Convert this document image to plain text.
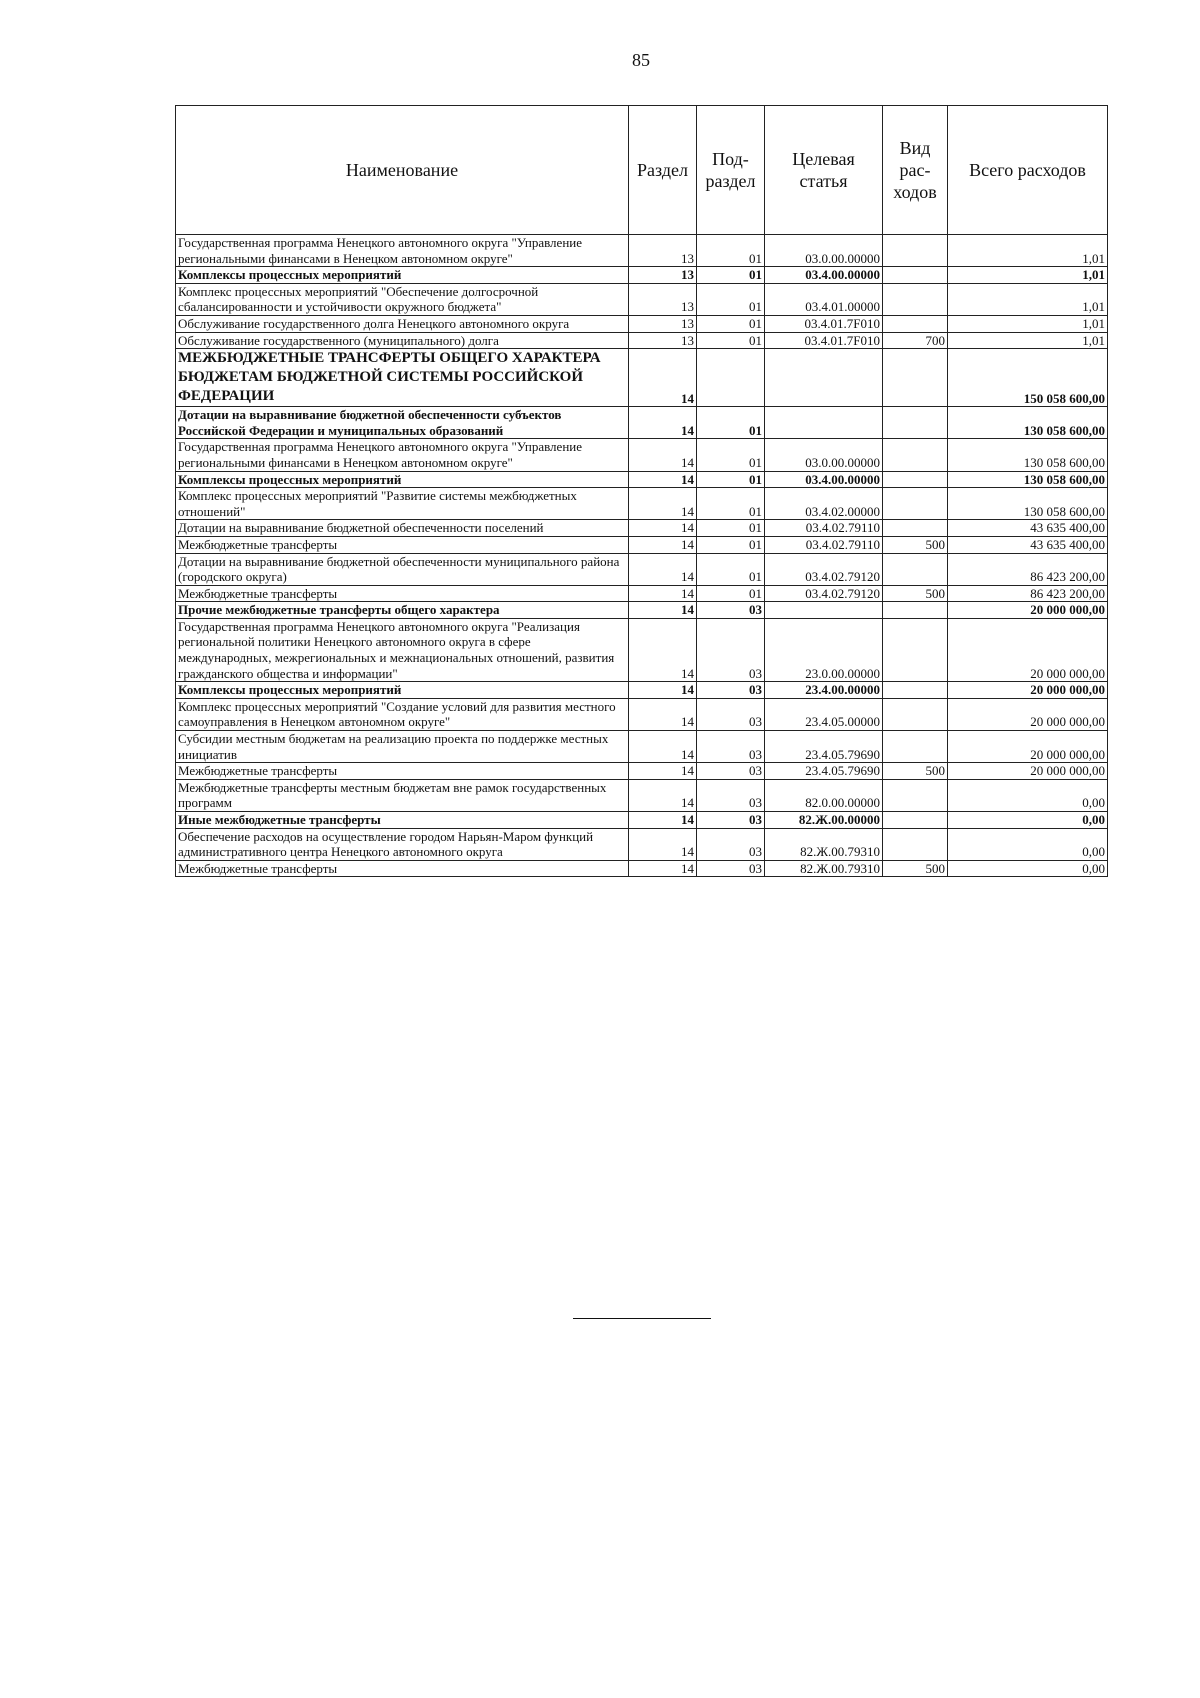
85
Наименование	Раздел	Под-раздел	Целевая статья	Вид рас-ходов	Всего расходов
Государственная программа Ненецкого автономного округа "Управление региональными финансами в Ненецком автономном округе"	13	01	03.0.00.00000		1,01
Комплексы процессных мероприятий	13	01	03.4.00.00000		1,01
Комплекс процессных мероприятий "Обеспечение долгосрочной сбалансированности и устойчивости окружного бюджета"	13	01	03.4.01.00000		1,01
Обслуживание государственного долга Ненецкого автономного округа	13	01	03.4.01.7F010		1,01
Обслуживание государственного (муниципального) долга	13	01	03.4.01.7F010	700	1,01
МЕЖБЮДЖЕТНЫЕ ТРАНСФЕРТЫ ОБЩЕГО ХАРАКТЕРА БЮДЖЕТАМ БЮДЖЕТНОЙ СИСТЕМЫ РОССИЙСКОЙ ФЕДЕРАЦИИ	14				150 058 600,00
Дотации на выравнивание бюджетной обеспеченности субъектов Российской Федерации и муниципальных образований	14	01			130 058 600,00
Государственная программа Ненецкого автономного округа "Управление региональными финансами в Ненецком автономном округе"	14	01	03.0.00.00000		130 058 600,00
Комплексы процессных мероприятий	14	01	03.4.00.00000		130 058 600,00
Комплекс процессных мероприятий "Развитие системы межбюджетных отношений"	14	01	03.4.02.00000		130 058 600,00
Дотации на выравнивание бюджетной обеспеченности поселений	14	01	03.4.02.79110		43 635 400,00
Межбюджетные трансферты	14	01	03.4.02.79110	500	43 635 400,00
Дотации на выравнивание бюджетной обеспеченности муниципального района (городского округа)	14	01	03.4.02.79120		86 423 200,00
Межбюджетные трансферты	14	01	03.4.02.79120	500	86 423 200,00
Прочие межбюджетные трансферты общего характера	14	03			20 000 000,00
Государственная программа Ненецкого автономного округа "Реализация региональной политики Ненецкого автономного округа в сфере международных, межрегиональных и межнациональных отношений, развития гражданского общества и информации"	14	03	23.0.00.00000		20 000 000,00
Комплексы процессных мероприятий	14	03	23.4.00.00000		20 000 000,00
Комплекс процессных мероприятий "Создание условий для развития местного самоуправления в Ненецком автономном округе"	14	03	23.4.05.00000		20 000 000,00
Субсидии местным бюджетам на реализацию проекта по поддержке местных инициатив	14	03	23.4.05.79690		20 000 000,00
Межбюджетные трансферты	14	03	23.4.05.79690	500	20 000 000,00
Межбюджетные трансферты местным бюджетам вне рамок государственных программ	14	03	82.0.00.00000		0,00
Иные межбюджетные трансферты	14	03	82.Ж.00.00000		0,00
Обеспечение расходов на осуществление городом Нарьян-Маром функций административного центра Ненецкого автономного округа	14	03	82.Ж.00.79310		0,00
Межбюджетные трансферты	14	03	82.Ж.00.79310	500	0,00
